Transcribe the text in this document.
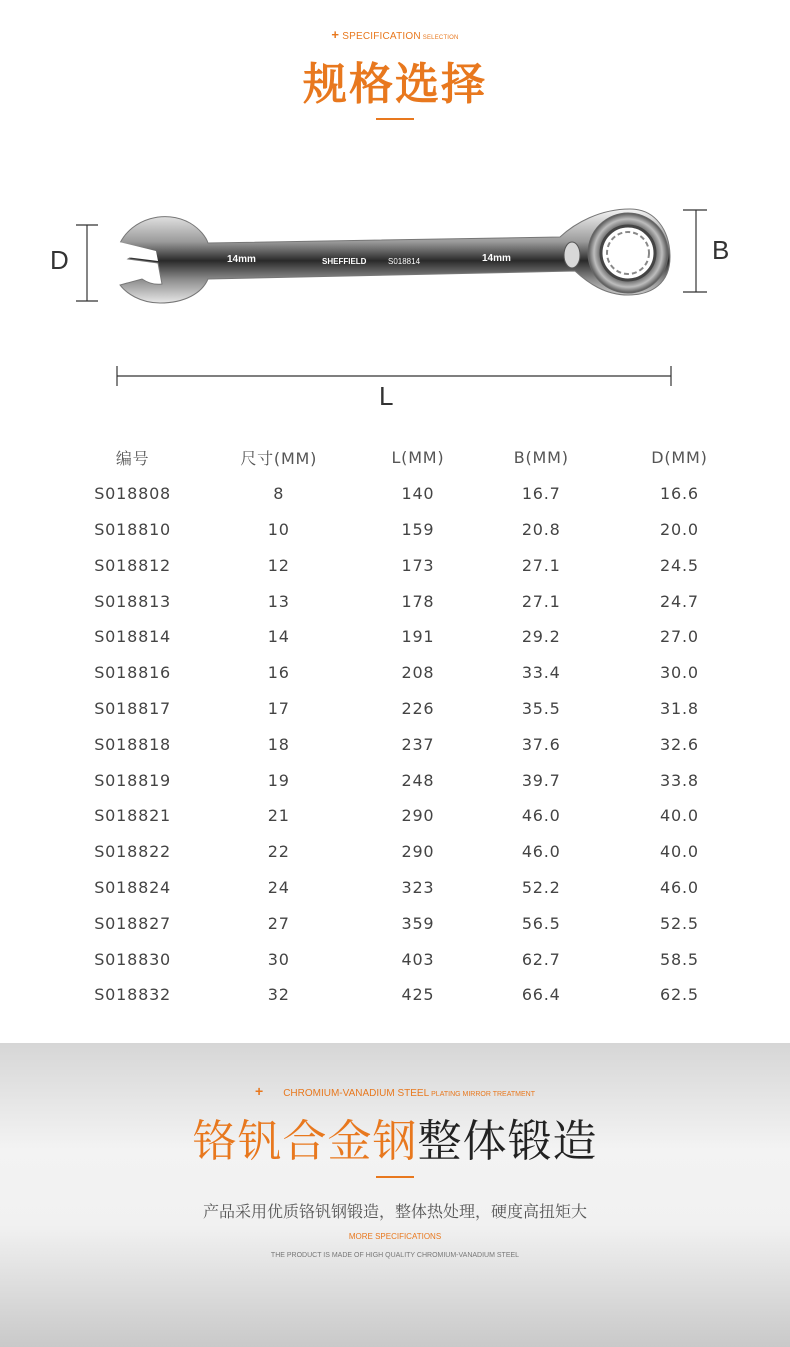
+ SPECIFICATION SELECTION
规格选择
14mm	SHEFFIELD	S018814	14mm
D	B
L
编号	尺寸(MM)	L(MM)	B(MM)	D(MM)
S018808	8	140	16.7	16.6
S018810	10	159	20.8	20.0
S018812	12	173	27.1	24.5
S018813	13	178	27.1	24.7
S018814	14	191	29.2	27.0
S018816	16	208	33.4	30.0
S018817	17	226	35.5	31.8
S018818	18	237	37.6	32.6
S018819	19	248	39.7	33.8
S018821	21	290	46.0	40.0
S018822	22	290	46.0	40.0
S018824	24	323	52.2	46.0
S018827	27	359	56.5	52.5
S018830	30	403	62.7	58.5
S018832	32	425	66.4	62.5
+ CHROMIUM-VANADIUM STEEL PLATING MIRROR TREATMENT
铬钒合金钢整体锻造
产品采用优质铬钒钢锻造，整体热处理，硬度高扭矩大
MORE SPECIFICATIONS
THE PRODUCT IS MADE OF HIGH QUALITY CHROMIUM-VANADIUM STEEL
